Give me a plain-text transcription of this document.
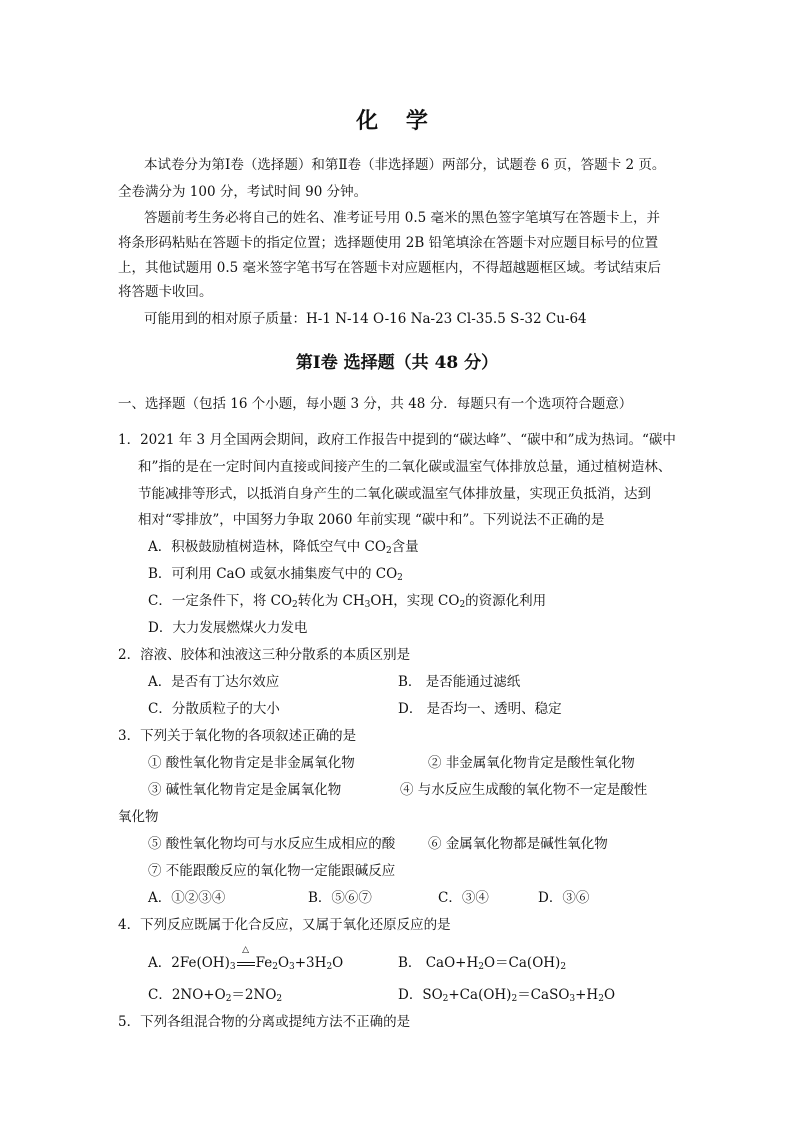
化 学
本试卷分为第Ⅰ卷（选择题）和第Ⅱ卷（非选择题）两部分，试题卷 6 页，答题卡 2 页。
全卷满分为 100 分，考试时间 90 分钟。
答题前考生务必将自己的姓名、准考证号用 0.5 毫米的黑色签字笔填写在答题卡上，并
将条形码粘贴在答题卡的指定位置；选择题使用 2B 铅笔填涂在答题卡对应题目标号的位置
上，其他试题用 0.5 毫米签字笔书写在答题卡对应题框内，不得超越题框区域。考试结束后
将答题卡收回。
可能用到的相对原子质量：H-1 N-14 O-16 Na-23 Cl-35.5 S-32 Cu-64
第Ⅰ卷 选择题（共 48 分）
一、选择题（包括 16 个小题，每小题 3 分，共 48 分．每题只有一个选项符合题意）
1．2021 年 3 月全国两会期间，政府工作报告中提到的“碳达峰”、“碳中和”成为热词。“碳中
和”指的是在一定时间内直接或间接产生的二氧化碳或温室气体排放总量，通过植树造林、
节能减排等形式，以抵消自身产生的二氧化碳或温室气体排放量，实现正负抵消，达到
相对“零排放”，中国努力争取 2060 年前实现 “碳中和”。下列说法不正确的是
A．积极鼓励植树造林，降低空气中 $CO_2$含量
B．可利用 CaO 或氨水捕集废气中的 $CO_2$
C．一定条件下，将 $CO_2$转化为 $CH_3OH$，实现 $CO_2$的资源化利用
D．大力发展燃煤火力发电
2．溶液、胶体和浊液这三种分散系的本质区别是
A．是否有丁达尔效应	B． 是否能通过滤纸
C．分散质粒子的大小	D． 是否均一、透明、稳定
3．下列关于氧化物的各项叙述正确的是
① 酸性氧化物肯定是非金属氧化物	② 非金属氧化物肯定是酸性氧化物
③ 碱性氧化物肯定是金属氧化物	④ 与水反应生成酸的氧化物不一定是酸性
氧化物
⑤ 酸性氧化物均可与水反应生成相应的酸 ⑥ 金属氧化物都是碱性氧化物
⑦ 不能跟酸反应的氧化物一定能跟碱反应
A．①②③④	B．⑤⑥⑦	C．③④	D．③⑥
4．下列反应既属于化合反应，又属于氧化还原反应的是
A．$2Fe(OH)_3$
△
$Fe_2O_3+3H_2O$	B． $CaO+H_2O=Ca(OH)_2$
C．$2NO+O_2=2NO_2$	D．$SO_2+Ca(OH)_2=CaSO_3+H_2O$
5．下列各组混合物的分离或提纯方法不正确的是
